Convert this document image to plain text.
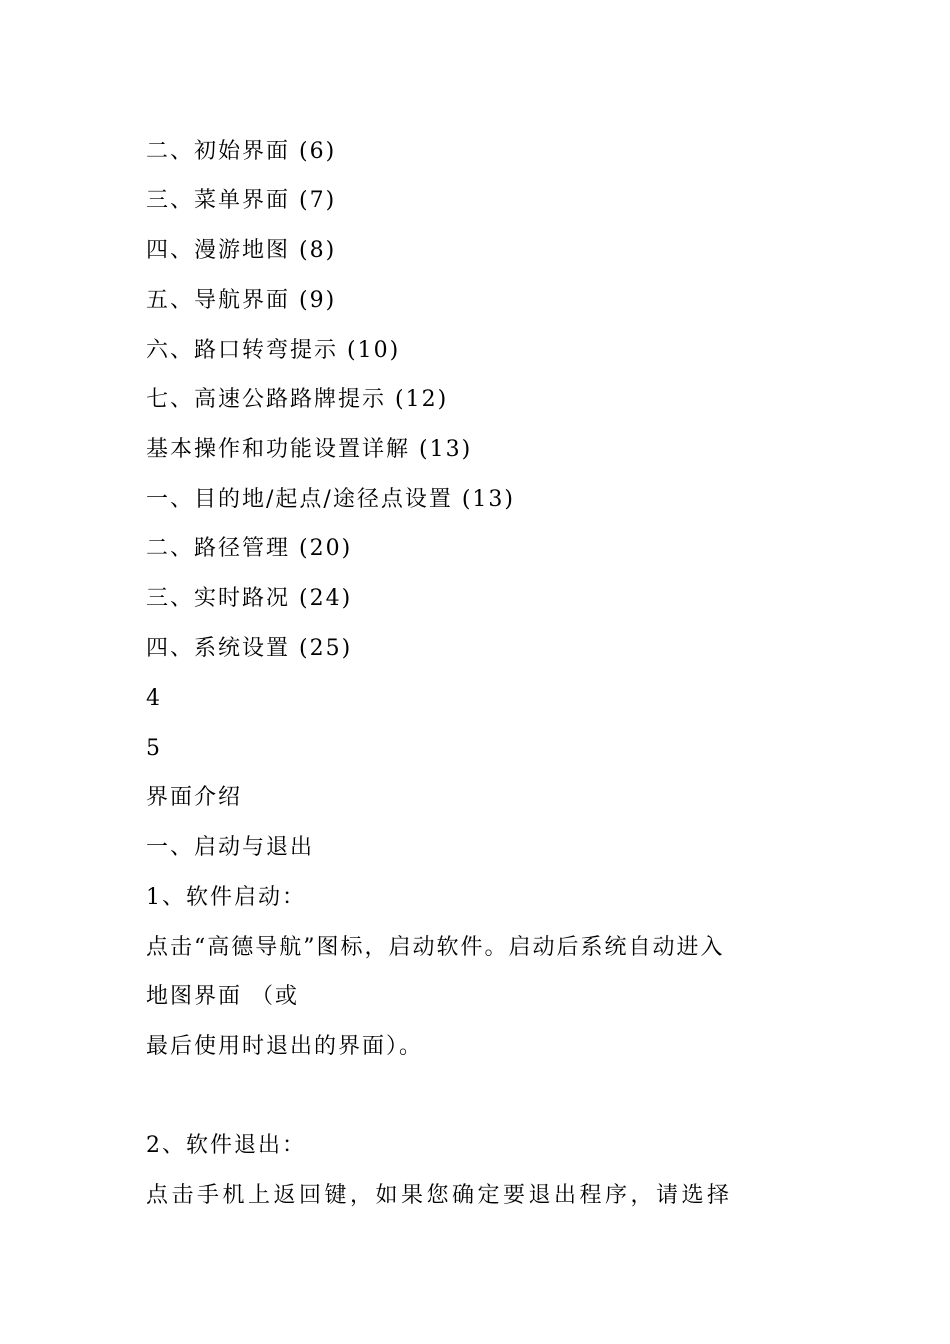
二、初始界面 (6)
三、菜单界面 (7)
四、漫游地图 (8)
五、导航界面 (9)
六、路口转弯提示 (10)
七、高速公路路牌提示 (12)
基本操作和功能设置详解 (13)
一、目的地/起点/途径点设置 (13)
二、路径管理 (20)
三、实时路况 (24)
四、系统设置 (25)
4
5
界面介绍
一、启动与退出
1、软件启动：
点击“高德导航”图标，启动软件。启动后系统自动进入
地图界面 （或
最后使用时退出的界面）。
2、软件退出：
点击手机上返回键，如果您确定要退出程序，请选择
